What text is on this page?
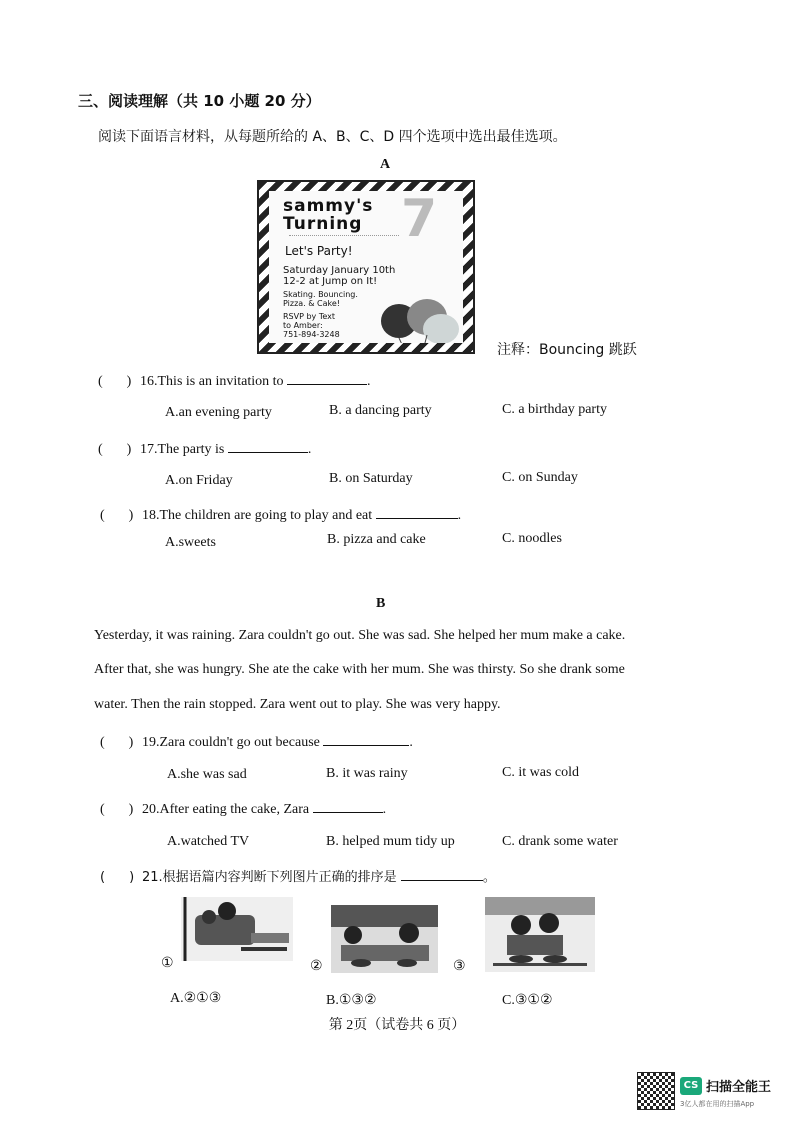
三、阅读理解（共 10 小题 20 分）
阅读下面语言材料，从每题所给的 A、B、C、D 四个选项中选出最佳选项。
A
sammy's
Turning 7
Let's Party!
Saturday January 10th
12-2 at Jump on It!
Skating. Bouncing.
Pizza. & Cake!
RSVP by Text
to Amber:
751-894-3248
注释：Bouncing 跳跃
( ) 16.This is an invitation to	.
A.an evening party	B. a dancing party	C. a birthday party
( ) 17.The party is	.
A.on Friday	B. on Saturday	C. on Sunday
( ) 18.The children are going to play and eat	.
A.sweets	B. pizza and cake	C. noodles
B
Yesterday, it was raining. Zara couldn't go out. She was sad. She helped her mum make a cake.
After that, she was hungry. She ate the cake with her mum. She was thirsty. So she drank some
water. Then the rain stopped. Zara went out to play. She was very happy.
( ) 19.Zara couldn't go out because	.
A.she was sad	B. it was rainy	C. it was cold
( ) 20.After eating the cake, Zara	.
A.watched TV	B. helped mum tidy up	C. drank some water
( ) 21.根据语篇内容判断下列图片正确的排序是	。
①	②	③
A.②①③	B.①③②	C.③①②
第 2页（试卷共 6 页）
CS 扫描全能王
3亿人都在用的扫描App
